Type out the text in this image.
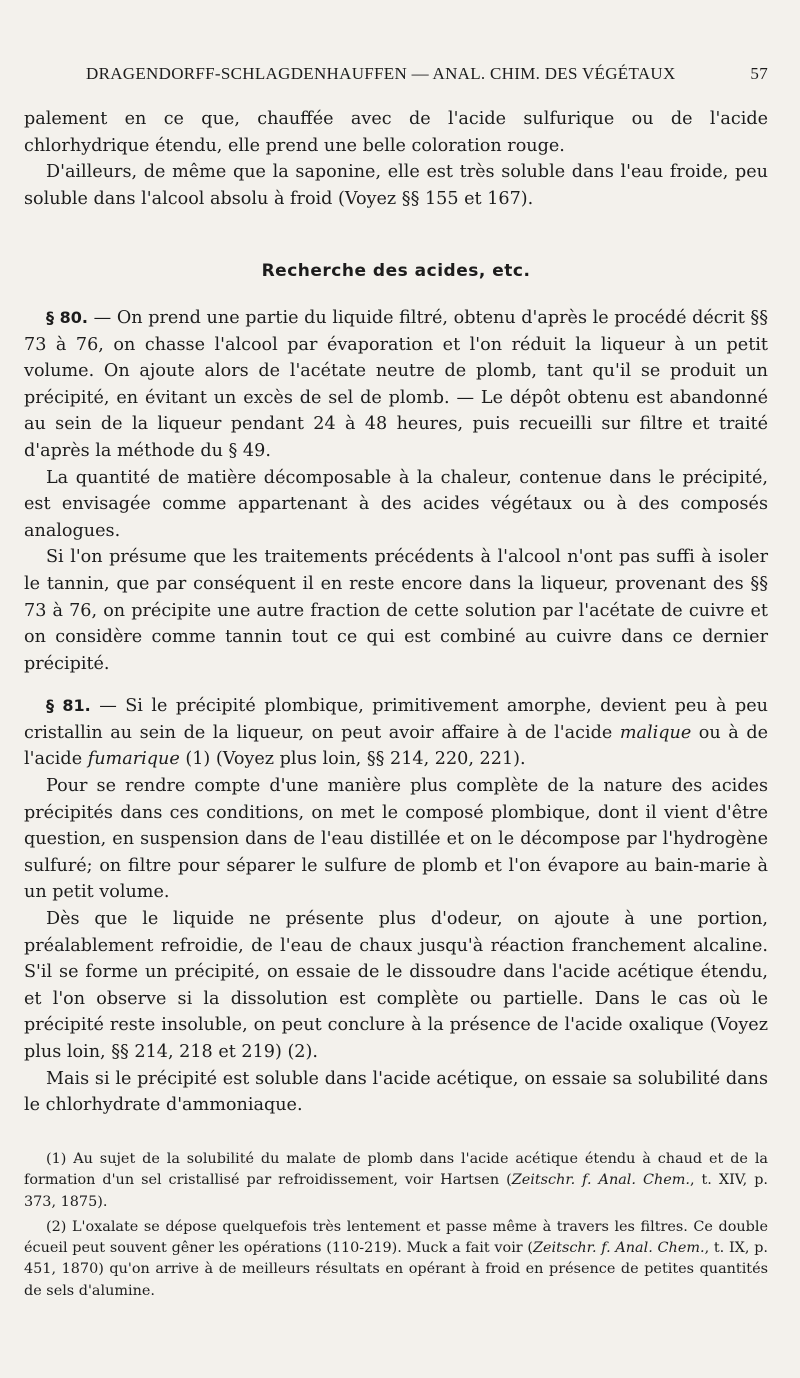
DRAGENDORFF-SCHLAGDENHAUFFEN — ANAL. CHIM. DES VÉGÉTAUX	57

palement en ce que, chauffée avec de l'acide sulfurique ou de l'acide chlorhydrique étendu, elle prend une belle coloration rouge.

D'ailleurs, de même que la saponine, elle est très soluble dans l'eau froide, peu soluble dans l'alcool absolu à froid (Voyez §§ 155 et 167).

Recherche des acides, etc.

§ 80. — On prend une partie du liquide filtré, obtenu d'après le procédé décrit §§ 73 à 76, on chasse l'alcool par évaporation et l'on réduit la liqueur à un petit volume. On ajoute alors de l'acétate neutre de plomb, tant qu'il se produit un précipité, en évitant un excès de sel de plomb. — Le dépôt obtenu est abandonné au sein de la liqueur pendant 24 à 48 heures, puis recueilli sur filtre et traité d'après la méthode du § 49.

La quantité de matière décomposable à la chaleur, contenue dans le précipité, est envisagée comme appartenant à des acides végétaux ou à des composés analogues.

Si l'on présume que les traitements précédents à l'alcool n'ont pas suffi à isoler le tannin, que par conséquent il en reste encore dans la liqueur, provenant des §§ 73 à 76, on précipite une autre fraction de cette solution par l'acétate de cuivre et on considère comme tannin tout ce qui est combiné au cuivre dans ce dernier précipité.

§ 81. — Si le précipité plombique, primitivement amorphe, devient peu à peu cristallin au sein de la liqueur, on peut avoir affaire à de l'acide malique ou à de l'acide fumarique (1) (Voyez plus loin, §§ 214, 220, 221).

Pour se rendre compte d'une manière plus complète de la nature des acides précipités dans ces conditions, on met le composé plombique, dont il vient d'être question, en suspension dans de l'eau distillée et on le décompose par l'hydrogène sulfuré; on filtre pour séparer le sulfure de plomb et l'on évapore au bain-marie à un petit volume.

Dès que le liquide ne présente plus d'odeur, on ajoute à une portion, préalablement refroidie, de l'eau de chaux jusqu'à réaction franchement alcaline. S'il se forme un précipité, on essaie de le dissoudre dans l'acide acétique étendu, et l'on observe si la dissolution est complète ou partielle. Dans le cas où le précipité reste insoluble, on peut conclure à la présence de l'acide oxalique (Voyez plus loin, §§ 214, 218 et 219) (2).

Mais si le précipité est soluble dans l'acide acétique, on essaie sa solubilité dans le chlorhydrate d'ammoniaque.

(1) Au sujet de la solubilité du malate de plomb dans l'acide acétique étendu à chaud et de la formation d'un sel cristallisé par refroidissement, voir Hartsen (Zeitschr. f. Anal. Chem., t. XIV, p. 373, 1875).

(2) L'oxalate se dépose quelquefois très lentement et passe même à travers les filtres. Ce double écueil peut souvent gêner les opérations (110-219). Muck a fait voir (Zeitschr. f. Anal. Chem., t. IX, p. 451, 1870) qu'on arrive à de meilleurs résultats en opérant à froid en présence de petites quantités de sels d'alumine.
